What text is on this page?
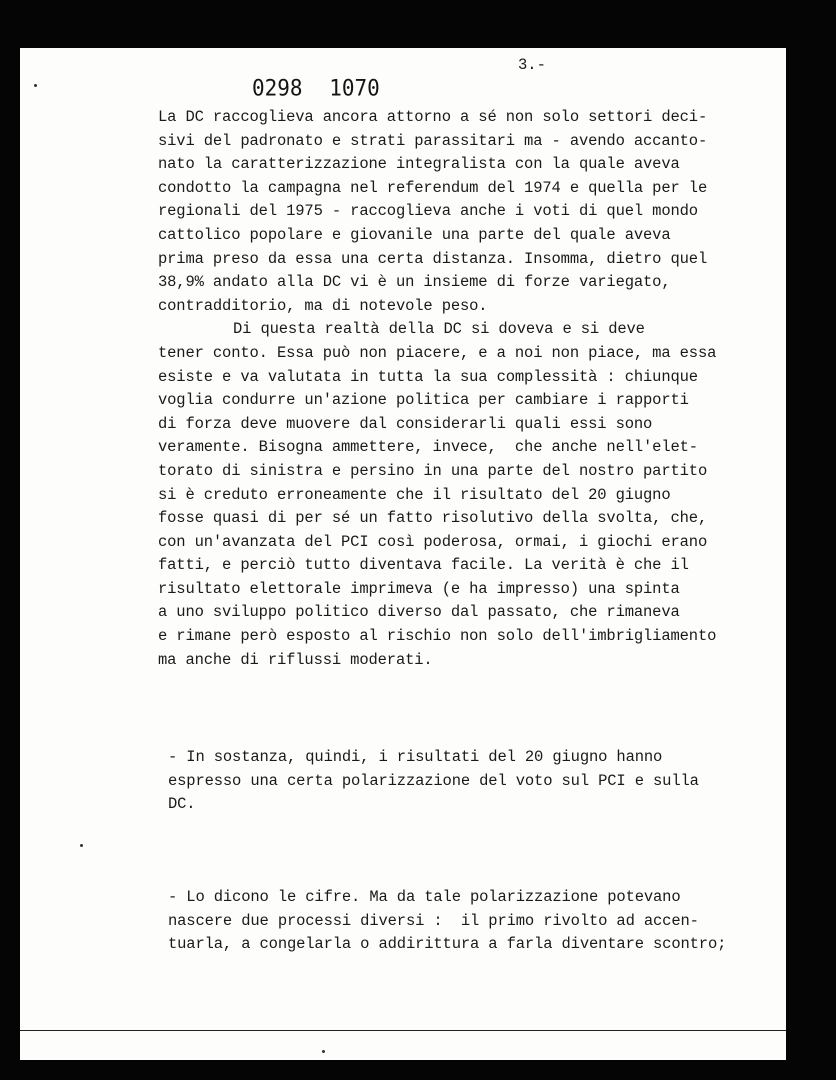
0298 1070
3.-
La DC raccoglieva ancora attorno a sé non solo settori deci-
sivi del padronato e strati parassitari ma - avendo accanto-
nato la caratterizzazione integralista con la quale aveva
condotto la campagna nel referendum del 1974 e quella per le
regionali del 1975 - raccoglieva anche i voti di quel mondo
cattolico popolare e giovanile una parte del quale aveva
prima preso da essa una certa distanza. Insomma, dietro quel
38,9% andato alla DC vi è un insieme di forze variegato,
contradditorio, ma di notevole peso.
Di questa realtà della DC si doveva e si deve
tener conto. Essa può non piacere, e a noi non piace, ma essa
esiste e va valutata in tutta la sua complessità : chiunque
voglia condurre un'azione politica per cambiare i rapporti
di forza deve muovere dal considerarli quali essi sono
veramente. Bisogna ammettere, invece,  che anche nell'elet-
torato di sinistra e persino in una parte del nostro partito
si è creduto erroneamente che il risultato del 20 giugno
fosse quasi di per sé un fatto risolutivo della svolta, che,
con un'avanzata del PCI così poderosa, ormai, i giochi erano
fatti, e perciò tutto diventava facile. La verità è che il
risultato elettorale imprimeva (e ha impresso) una spinta
a uno sviluppo politico diverso dal passato, che rimaneva
e rimane però esposto al rischio non solo dell'imbrigliamento
ma anche di riflussi moderati.
- In sostanza, quindi, i risultati del 20 giugno hanno
espresso una certa polarizzazione del voto sul PCI e sulla
DC.
- Lo dicono le cifre. Ma da tale polarizzazione potevano
nascere due processi diversi :  il primo rivolto ad accen-
tuarla, a congelarla o addirittura a farla diventare scontro;
